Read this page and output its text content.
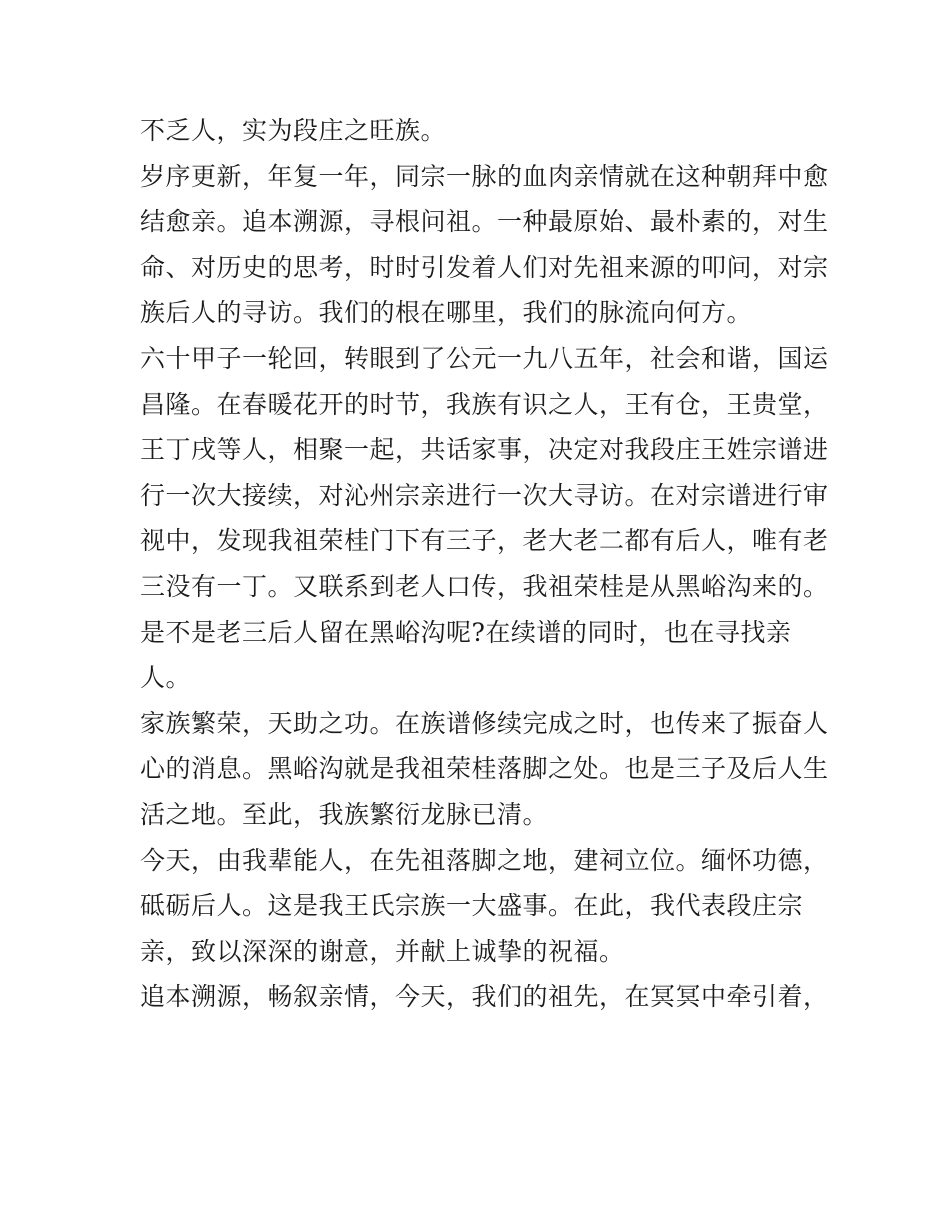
不乏人，实为段庄之旺族。
岁序更新，年复一年，同宗一脉的血肉亲情就在这种朝拜中愈
结愈亲。追本溯源，寻根问祖。一种最原始、最朴素的，对生
命、对历史的思考，时时引发着人们对先祖来源的叩问，对宗
族后人的寻访。我们的根在哪里，我们的脉流向何方。
六十甲子一轮回，转眼到了公元一九八五年，社会和谐，国运
昌隆。在春暖花开的时节，我族有识之人，王有仓，王贵堂，
王丁戌等人，相聚一起，共话家事，决定对我段庄王姓宗谱进
行一次大接续，对沁州宗亲进行一次大寻访。在对宗谱进行审
视中，发现我祖荣桂门下有三子，老大老二都有后人，唯有老
三没有一丁。又联系到老人口传，我祖荣桂是从黑峪沟来的。
是不是老三后人留在黑峪沟呢?在续谱的同时，也在寻找亲
人。
家族繁荣，天助之功。在族谱修续完成之时，也传来了振奋人
心的消息。黑峪沟就是我祖荣桂落脚之处。也是三子及后人生
活之地。至此，我族繁衍龙脉已清。
今天，由我辈能人，在先祖落脚之地，建祠立位。缅怀功德，
砥砺后人。这是我王氏宗族一大盛事。在此，我代表段庄宗
亲，致以深深的谢意，并献上诚挚的祝福。
追本溯源，畅叙亲情，今天，我们的祖先，在冥冥中牵引着，
